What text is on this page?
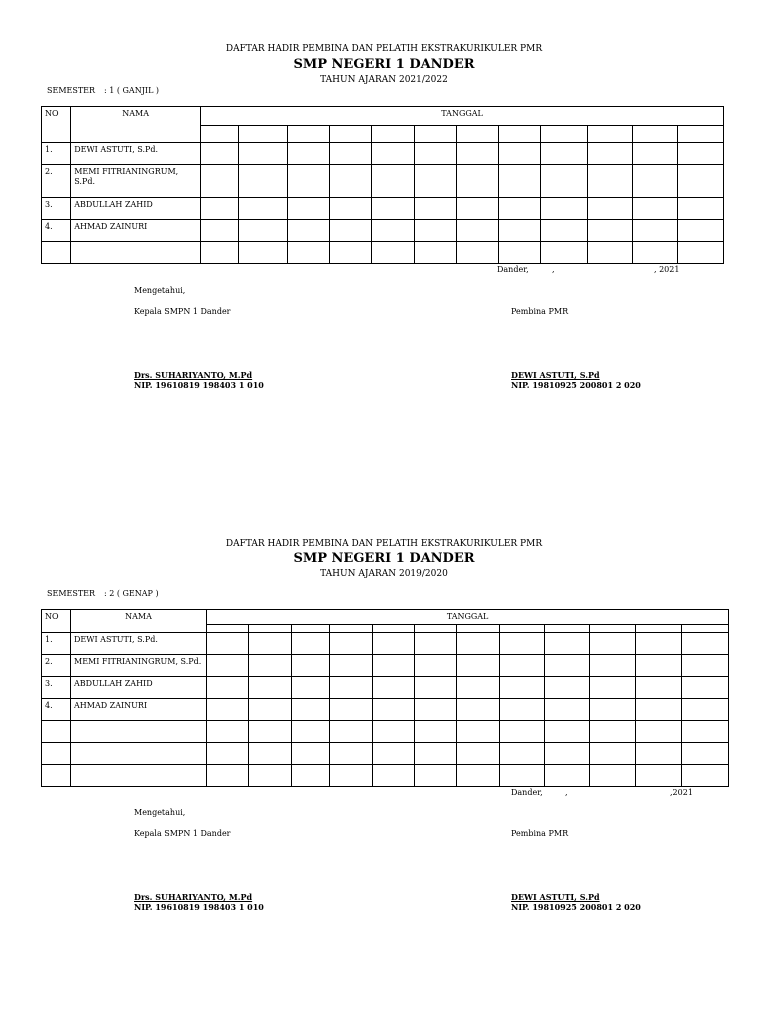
DAFTAR HADIR PEMBINA DAN PELATIH EKSTRAKURIKULER PMR
SMP NEGERI 1 DANDER
TAHUN AJARAN 2021/2022
SEMESTER : 1 ( GANJIL )
NO	NAMA	TANGGAL											

1.	DEWI ASTUTI, S.Pd.												
2.	MEMI FITRIANINGRUM, S.Pd.												
3.	ABDULLAH ZAHID												
4.	AHMAD ZAINURI												

Dander,	,	, 2021
Mengetahui,
Kepala SMPN 1 Dander	Pembina PMR
Drs. SUHARIYANTO, M.Pd
NIP. 19610819 198403 1 010
DEWI ASTUTI, S.Pd
NIP. 19810925 200801 2 020
DAFTAR HADIR PEMBINA DAN PELATIH EKSTRAKURIKULER PMR
SMP NEGERI 1 DANDER
TAHUN AJARAN 2019/2020
SEMESTER : 2 ( GENAP )
NO	NAMA	TANGGAL											

1.	DEWI ASTUTI, S.Pd.												
2.	MEMI FITRIANINGRUM, S.Pd.												
3.	ABDULLAH ZAHID												
4.	AHMAD ZAINURI												

Dander,	,	,2021
Mengetahui,
Kepala SMPN 1 Dander	Pembina PMR
Drs. SUHARIYANTO, M.Pd
NIP. 19610819 198403 1 010
DEWI ASTUTI, S.Pd
NIP. 19810925 200801 2 020
